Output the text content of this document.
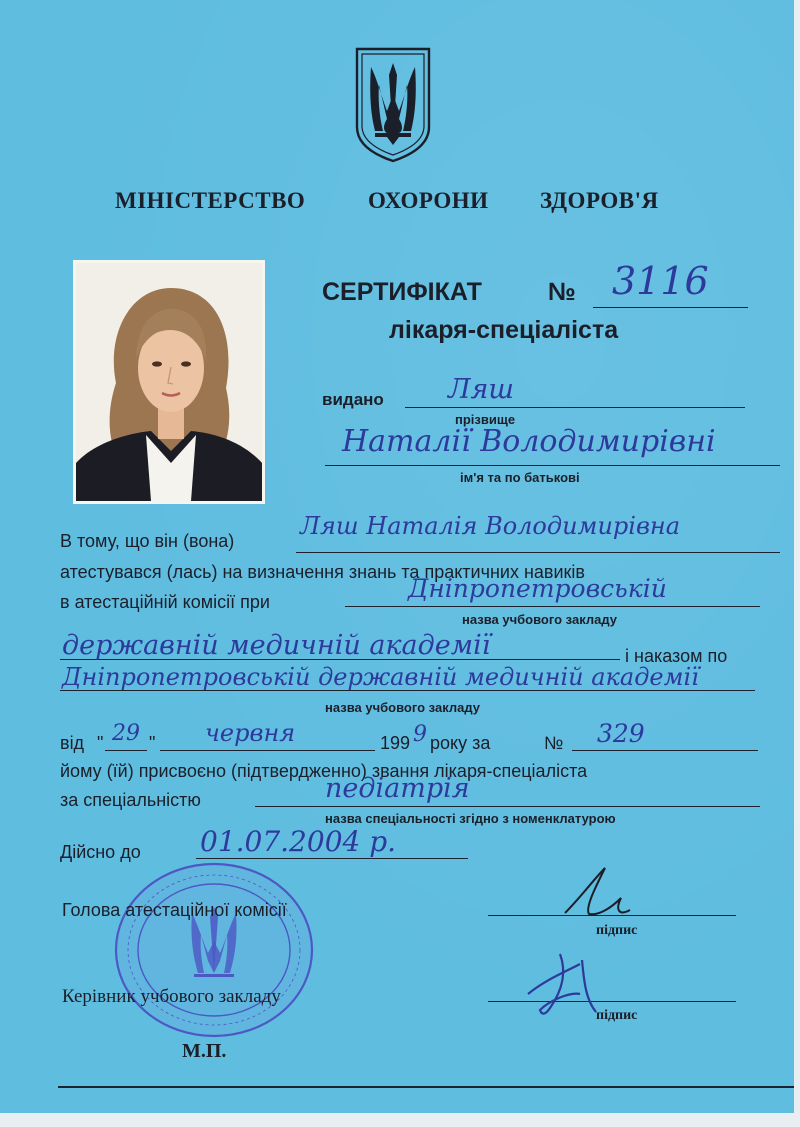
МІНІСТЕРСТВО	ОХОРОНИ ЗДОРОВ'Я
СЕРТИФІКАТ	№ 3116
лікаря-спеціаліста
видано Ляш
прізвище
Наталії Володимирівні
ім'я та по батькові
В тому, що він (вона)
Ляш Наталія Володимирівна
атестувався (лась) на визначення знань та практичних навиків
в атестаційній комісії при	Дніпропетровській
назва учбового закладу
державній медичній академії	і наказом по
Дніпропетровській державній медичній академії
назва учбового закладу
від " 29 " червня	199 9 року за	№ 329
йому (їй) присвоєно (підтвердженно) звання лікаря-спеціаліста
за спеціальністю	педіатрія
назва спеціальності згідно з номенклатурою
Дійсно до 01.07.2004 р.
Голова атестаційної комісії
підпис
Керівник учбового закладу
підпис
М.П.
